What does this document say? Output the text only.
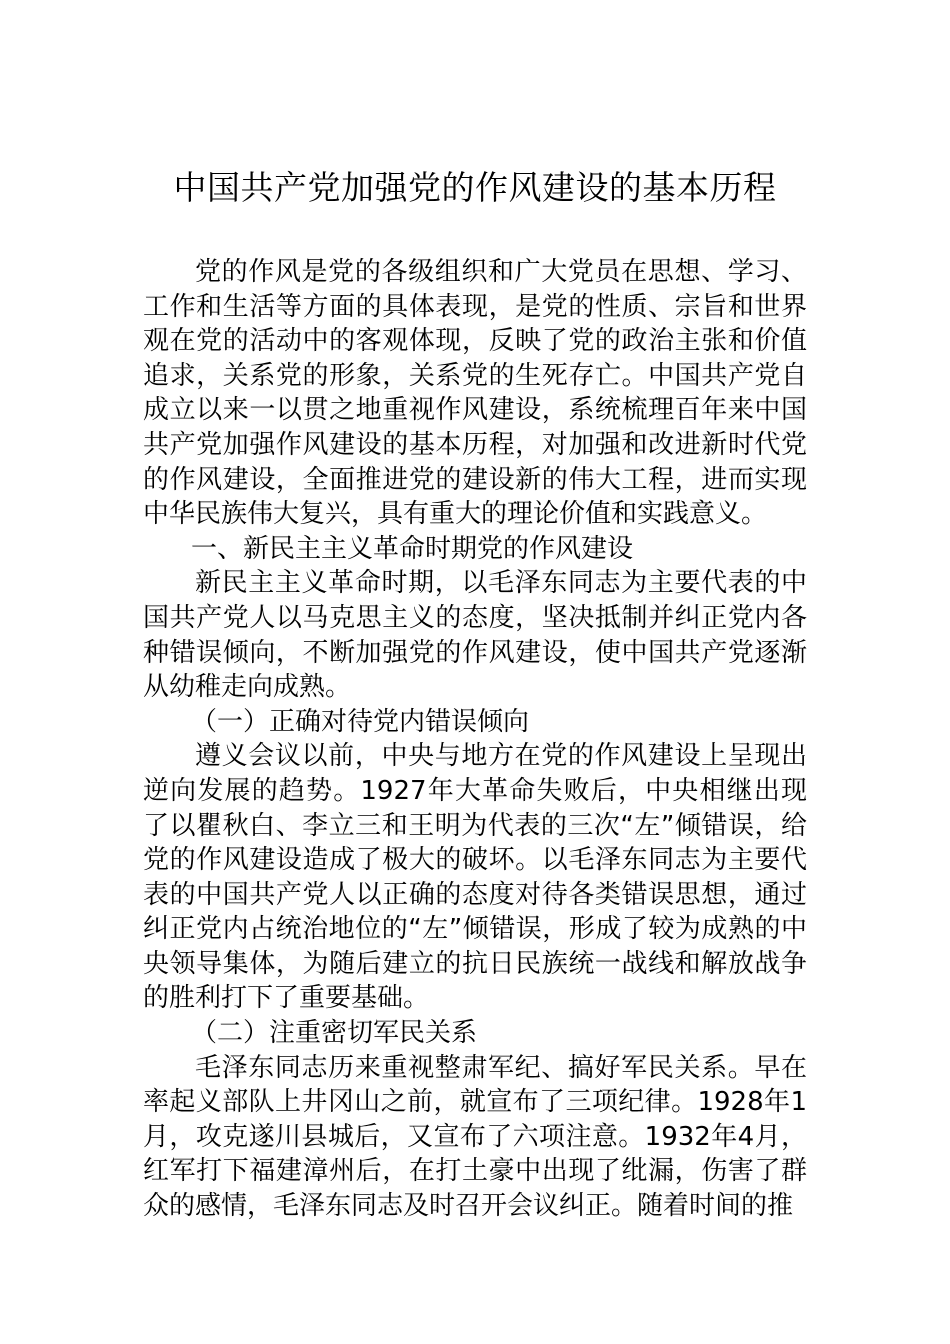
中国共产党加强党的作风建设的基本历程

党的作风是党的各级组织和广大党员在思想、学习、工作和生活等方面的具体表现，是党的性质、宗旨和世界观在党的活动中的客观体现，反映了党的政治主张和价值追求，关系党的形象，关系党的生死存亡。中国共产党自成立以来一以贯之地重视作风建设，系统梳理百年来中国共产党加强作风建设的基本历程，对加强和改进新时代党的作风建设，全面推进党的建设新的伟大工程，进而实现中华民族伟大复兴，具有重大的理论价值和实践意义。

一、新民主主义革命时期党的作风建设

新民主主义革命时期，以毛泽东同志为主要代表的中国共产党人以马克思主义的态度，坚决抵制并纠正党内各种错误倾向，不断加强党的作风建设，使中国共产党逐渐从幼稚走向成熟。

（一）正确对待党内错误倾向

遵义会议以前，中央与地方在党的作风建设上呈现出逆向发展的趋势。1927年大革命失败后，中央相继出现了以瞿秋白、李立三和王明为代表的三次“左”倾错误，给党的作风建设造成了极大的破坏。以毛泽东同志为主要代表的中国共产党人以正确的态度对待各类错误思想，通过纠正党内占统治地位的“左”倾错误，形成了较为成熟的中央领导集体，为随后建立的抗日民族统一战线和解放战争的胜利打下了重要基础。

（二）注重密切军民关系

毛泽东同志历来重视整肃军纪、搞好军民关系。早在率起义部队上井冈山之前，就宣布了三项纪律。1928年1月，攻克遂川县城后，又宣布了六项注意。1932年4月，红军打下福建漳州后，在打土豪中出现了纰漏，伤害了群众的感情，毛泽东同志及时召开会议纠正。随着时间的推
